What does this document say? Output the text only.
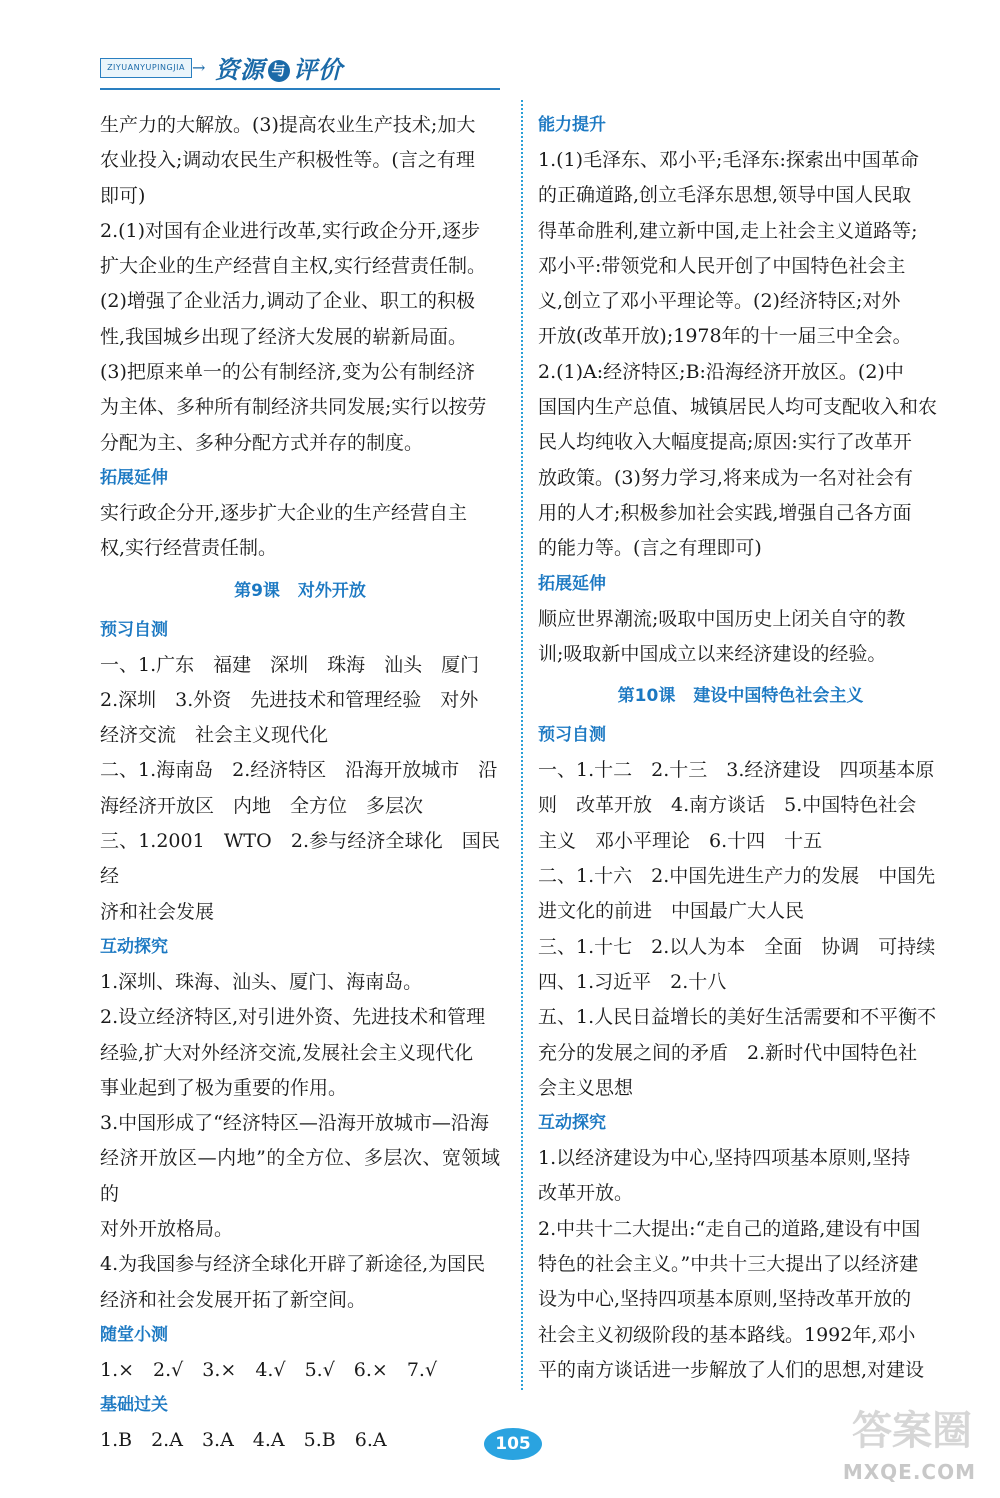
ZIYUANYUPINGJIA → 资源 与 评价

生产力的大解放。(3)提高农业生产技术;加大

农业投入;调动农民生产积极性等。(言之有理

即可)

2.(1)对国有企业进行改革,实行政企分开,逐步

扩大企业的生产经营自主权,实行经营责任制。

(2)增强了企业活力,调动了企业、职工的积极

性,我国城乡出现了经济大发展的崭新局面。

(3)把原来单一的公有制经济,变为公有制经济

为主体、多种所有制经济共同发展;实行以按劳

分配为主、多种分配方式并存的制度。

拓展延伸

实行政企分开,逐步扩大企业的生产经营自主

权,实行经营责任制。

第9课 对外开放
预习自测

一、1.广东　福建　深圳　珠海　汕头　厦门

2.深圳　3.外资　先进技术和管理经验　对外

经济交流　社会主义现代化

二、1.海南岛　2.经济特区　沿海开放城市　沿

海经济开放区　内地　全方位　多层次

三、1.2001　WTO　2.参与经济全球化　国民经

济和社会发展

互动探究

1.深圳、珠海、汕头、厦门、海南岛。

2.设立经济特区,对引进外资、先进技术和管理

经验,扩大对外经济交流,发展社会主义现代化

事业起到了极为重要的作用。

3.中国形成了“经济特区—沿海开放城市—沿海

经济开放区—内地”的全方位、多层次、宽领域的

对外开放格局。

4.为我国参与经济全球化开辟了新途径,为国民

经济和社会发展开拓了新空间。

随堂小测

1.×　2.√　3.×　4.√　5.√　6.×　7.√

基础过关

1.B　2.A　3.A　4.A　5.B　6.A

能力提升

1.(1)毛泽东、邓小平;毛泽东:探索出中国革命

的正确道路,创立毛泽东思想,领导中国人民取

得革命胜利,建立新中国,走上社会主义道路等;

邓小平:带领党和人民开创了中国特色社会主

义,创立了邓小平理论等。(2)经济特区;对外

开放(改革开放);1978年的十一届三中全会。

2.(1)A:经济特区;B:沿海经济开放区。(2)中

国国内生产总值、城镇居民人均可支配收入和农

民人均纯收入大幅度提高;原因:实行了改革开

放政策。(3)努力学习,将来成为一名对社会有

用的人才;积极参加社会实践,增强自己各方面

的能力等。(言之有理即可)

拓展延伸

顺应世界潮流;吸取中国历史上闭关自守的教

训;吸取新中国成立以来经济建设的经验。

第10课 建设中国特色社会主义
预习自测

一、1.十二　2.十三　3.经济建设　四项基本原

则　改革开放　4.南方谈话　5.中国特色社会

主义　邓小平理论　6.十四　十五

二、1.十六　2.中国先进生产力的发展　中国先

进文化的前进　中国最广大人民

三、1.十七　2.以人为本　全面　协调　可持续

四、1.习近平　2.十八

五、1.人民日益增长的美好生活需要和不平衡不

充分的发展之间的矛盾　2.新时代中国特色社

会主义思想

互动探究

1.以经济建设为中心,坚持四项基本原则,坚持

改革开放。

2.中共十二大提出:“走自己的道路,建设有中国

特色的社会主义。”中共十三大提出了以经济建

设为中心,坚持四项基本原则,坚持改革开放的

社会主义初级阶段的基本路线。1992年,邓小

平的南方谈话进一步解放了人们的思想,对建设

105	答案圈
MXQE.COM
